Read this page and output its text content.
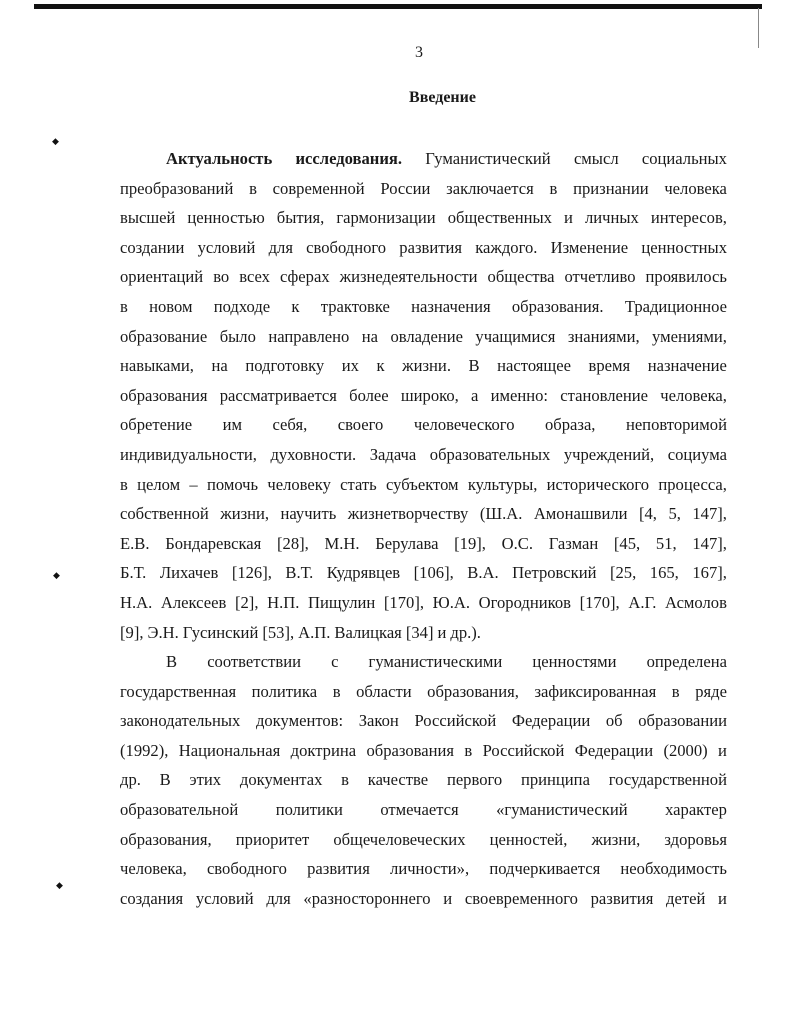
3
Введение
Актуальность исследования. Гуманистический смысл социальных
преобразований в современной России заключается в признании человека
высшей ценностью бытия, гармонизации общественных и личных интересов,
создании условий для свободного развития каждого. Изменение ценностных
ориентаций во всех сферах жизнедеятельности общества отчетливо проявилось
в новом подходе к трактовке назначения образования. Традиционное
образование было направлено на овладение учащимися знаниями, умениями,
навыками, на подготовку их к жизни. В настоящее время назначение
образования рассматривается более широко, а именно: становление человека,
обретение им себя, своего человеческого образа, неповторимой
индивидуальности, духовности. Задача образовательных учреждений, социума
в целом – помочь человеку стать субъектом культуры, исторического процесса,
собственной жизни, научить жизнетворчеству (Ш.А. Амонашвили [4, 5, 147],
Е.В. Бондаревская [28], М.Н. Берулава [19], О.С. Газман [45, 51, 147],
Б.Т. Лихачев [126], В.Т. Кудрявцев [106], В.А. Петровский [25, 165, 167],
Н.А. Алексеев [2], Н.П. Пищулин [170], Ю.А. Огородников [170], А.Г. Асмолов
[9], Э.Н. Гусинский [53], А.П. Валицкая [34] и др.).
В соответствии с гуманистическими ценностями определена
государственная политика в области образования, зафиксированная в ряде
законодательных документов: Закон Российской Федерации об образовании
(1992), Национальная доктрина образования в Российской Федерации (2000) и
др. В этих документах в качестве первого принципа государственной
образовательной политики отмечается «гуманистический характер
образования, приоритет общечеловеческих ценностей, жизни, здоровья
человека, свободного развития личности», подчеркивается необходимость
создания условий для «разностороннего и своевременного развития детей и
◆
◆
◆
